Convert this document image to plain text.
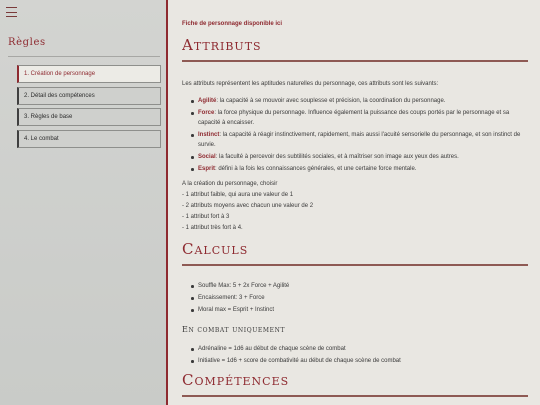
Règles
1. Création de personnage
2. Détail des compétences
3. Règles de base
4. Le combat
Fiche de personnage disponible ici
Attributs
Les attributs représentent les aptitudes naturelles du personnage, ces attributs sont les suivants:
Agilité: la capacité à se mouvoir avec souplesse et précision, la coordination du personnage.
Force: la force physique du personnage. Influence également la puissance des coups portés par le personnage et sa capacité à encaisser.
Instinct: la capacité à réagir instinctivement, rapidement, mais aussi l'acuité sensorielle du personnage, et son instinct de survie.
Social: la faculté à percevoir des subtilités sociales, et à maîtriser son image aux yeux des autres.
Esprit: défini à la fois les connaissances générales, et une certaine force mentale.
A la création du personnage, choisir
- 1 attribut faible, qui aura une valeur de 1
- 2 attributs moyens avec chacun une valeur de 2
- 1 attribut fort à 3
- 1 attribut très fort à 4.
Calculs
Souffle Max: 5 + 2x Force + Agilité
Encaissement: 3 + Force
Moral max = Esprit + Instinct
En combat uniquement
Adrénaline = 1d6 au début de chaque scène de combat
Initiative = 1d6 + score de combativité au début de chaque scène de combat
Compétences
